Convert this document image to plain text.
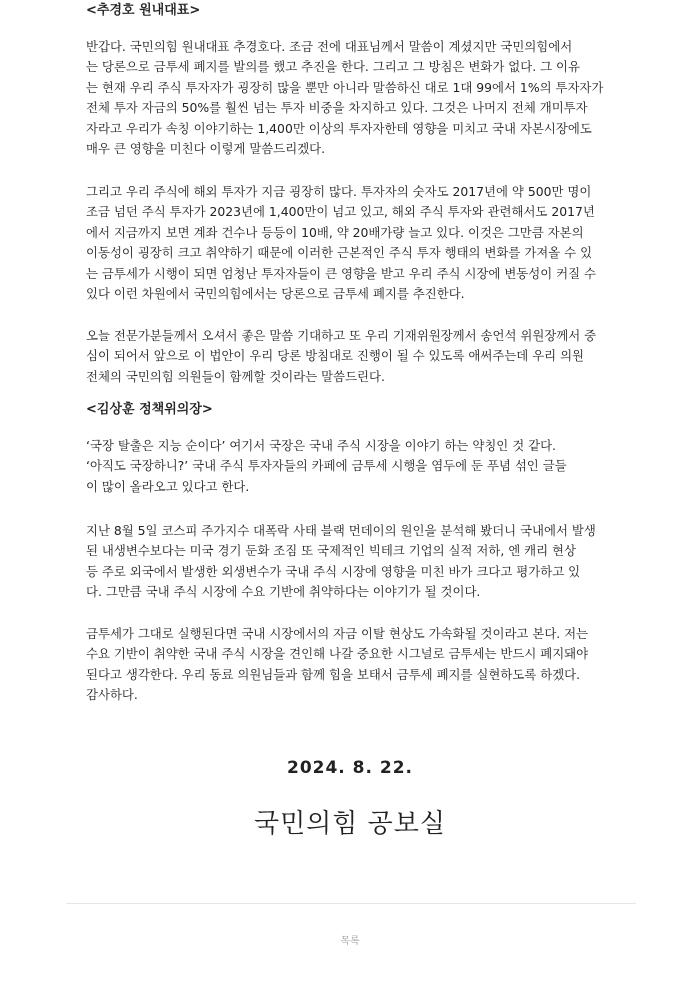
<추경호 원내대표>

반갑다. 국민의힘 원내대표 추경호다. 조금 전에 대표님께서 말씀이 계셨지만 국민의힘에서
는 당론으로 금투세 폐지를 발의를 했고 추진을 한다. 그리고 그 방침은 변화가 없다. 그 이유
는 현재 우리 주식 투자자가 굉장히 많을 뿐만 아니라 말씀하신 대로 1대 99에서 1%의 투자자가
전체 투자 자금의 50%를 훨씬 넘는 투자 비중을 차지하고 있다. 그것은 나머지 전체 개미투자
자라고 우리가 속칭 이야기하는 1,400만 이상의 투자자한테 영향을 미치고 국내 자본시장에도
매우 큰 영향을 미친다 이렇게 말씀드리겠다.
그리고 우리 주식에 해외 투자가 지금 굉장히 많다. 투자자의 숫자도 2017년에 약 500만 명이
조금 넘던 주식 투자가 2023년에 1,400만이 넘고 있고, 해외 주식 투자와 관련해서도 2017년
에서 지금까지 보면 계좌 건수나 등등이 10배, 약 20배가량 늘고 있다. 이것은 그만큼 자본의
이동성이 굉장히 크고 취약하기 때문에 이러한 근본적인 주식 투자 행태의 변화를 가져올 수 있
는 금투세가 시행이 되면 엄청난 투자자들이 큰 영향을 받고 우리 주식 시장에 변동성이 커질 수
있다 이런 차원에서 국민의힘에서는 당론으로 금투세 폐지를 추진한다.
오늘 전문가분들께서 오셔서 좋은 말씀 기대하고 또 우리 기재위원장께서 송언석 위원장께서 중
심이 되어서 앞으로 이 법안이 우리 당론 방침대로 진행이 될 수 있도록 애써주는데 우리 의원
전체의 국민의힘 의원들이 함께할 것이라는 말씀드린다.

<김상훈 정책위의장>

‘국장 탈출은 지능 순이다’ 여기서 국장은 국내 주식 시장을 이야기 하는 약칭인 것 같다.
‘아직도 국장하니?’ 국내 주식 투자자들의 카페에 금투세 시행을 염두에 둔 푸념 섞인 글들
이 많이 올라오고 있다고 한다.
지난 8월 5일 코스피 주가지수 대폭락 사태 블랙 먼데이의 원인을 분석해 봤더니 국내에서 발생
된 내생변수보다는 미국 경기 둔화 조짐 또 국제적인 빅테크 기업의 실적 저하, 엔 캐리 현상
등 주로 외국에서 발생한 외생변수가 국내 주식 시장에 영향을 미친 바가 크다고 평가하고 있
다. 그만큼 국내 주식 시장에 수요 기반에 취약하다는 이야기가 될 것이다.
금투세가 그대로 실행된다면 국내 시장에서의 자금 이탈 현상도 가속화될 것이라고 본다. 저는
수요 기반이 취약한 국내 주식 시장을 견인해 나갈 중요한 시그널로 금투세는 반드시 폐지돼야
된다고 생각한다. 우리 동료 의원님들과 함께 힘을 보태서 금투세 폐지를 실현하도록 하겠다.
감사하다.
2024. 8. 22.
국민의힘 공보실
목록
